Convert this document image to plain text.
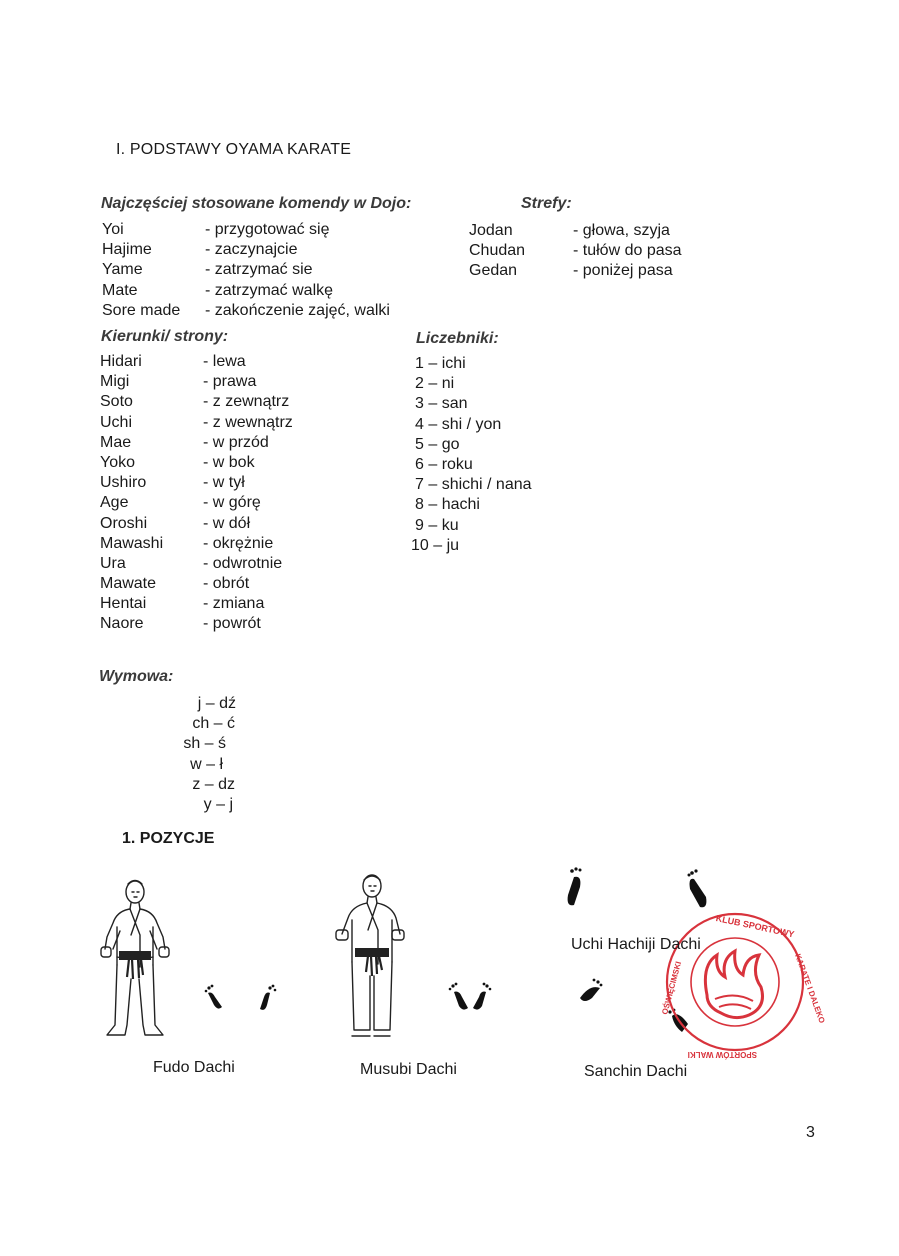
I. PODSTAWY OYAMA KARATE
Najczęściej stosowane komendy w Dojo:
Yoi
Hajime
Yame
Mate
Sore made
- przygotować się
- zaczynajcie
- zatrzymać sie
- zatrzymać walkę
- zakończenie zajęć, walki
Strefy:
Jodan
Chudan
Gedan
- głowa, szyja
- tułów do pasa
- poniżej pasa
Kierunki/ strony:
Hidari
Migi
Soto
Uchi
Mae
Yoko
Ushiro
Age
Oroshi
Mawashi
Ura
Mawate
Hentai
Naore
- lewa
- prawa
- z zewnątrz
- z wewnątrz
- w przód
- w bok
- w tył
- w górę
- w dół
- okrężnie
- odwrotnie
- obrót
- zmiana
- powrót
Liczebniki:
1 – ichi
2 – ni
3 – san
4 – shi / yon
5 – go
6 – roku
7 – shichi / nana
8 – hachi
9 – ku
10 – ju
Wymowa:
j – dź
ch – ć
sh – ś
w – ł
z – dz
y – j
1. POZYCJE
Fudo Dachi	Musubi Dachi
KLUB SPORTOWY
KARATE I DALEKO
SPORTÓW WALKI
OŚWIĘCIMSKI
Uchi Hachiji Dachi
Sanchin Dachi
3
